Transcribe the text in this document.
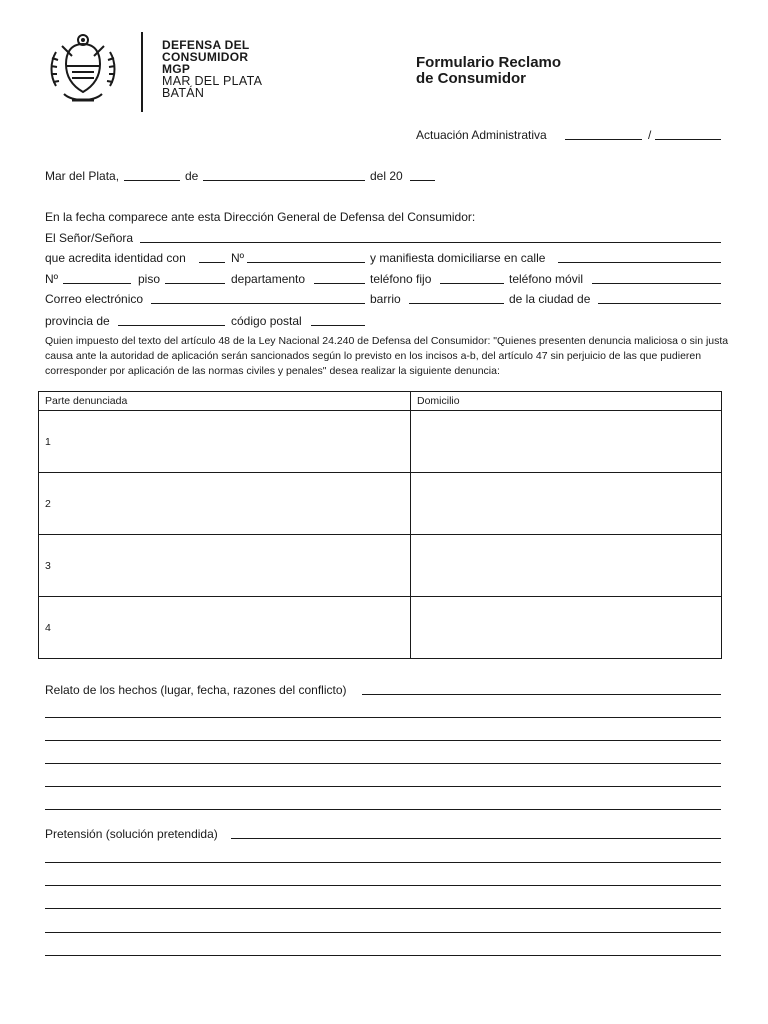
DEFENSA DEL
CONSUMIDOR
MGP
MAR DEL PLATA
BATÁN
Formulario Reclamo
de Consumidor
Actuación Administrativa	/
Mar del Plata,	de	del 20
En la fecha comparece ante esta Dirección General de Defensa del Consumidor:
El Señor/Señora
que acredita identidad con	Nº	y manifiesta domiciliarse en calle
Nº	piso	departamento	teléfono fijo	teléfono móvil
Correo electrónico	barrio	de la ciudad de
provincia de	código postal
Quien impuesto del texto del artículo 48 de la Ley Nacional 24.240 de Defensa del Consumidor: "Quienes presenten denuncia maliciosa o sin justa causa ante la autoridad de aplicación serán sancionados según lo previsto en los incisos a-b, del artículo 47 sin perjuicio de las que pudieren corresponder por aplicación de las normas civiles y penales" desea realizar la siguiente denuncia:
Parte denunciada	Domicilio
1	
2	
3	
4	
Relato de los hechos (lugar, fecha, razones del conflicto)
Pretensión (solución pretendida)
